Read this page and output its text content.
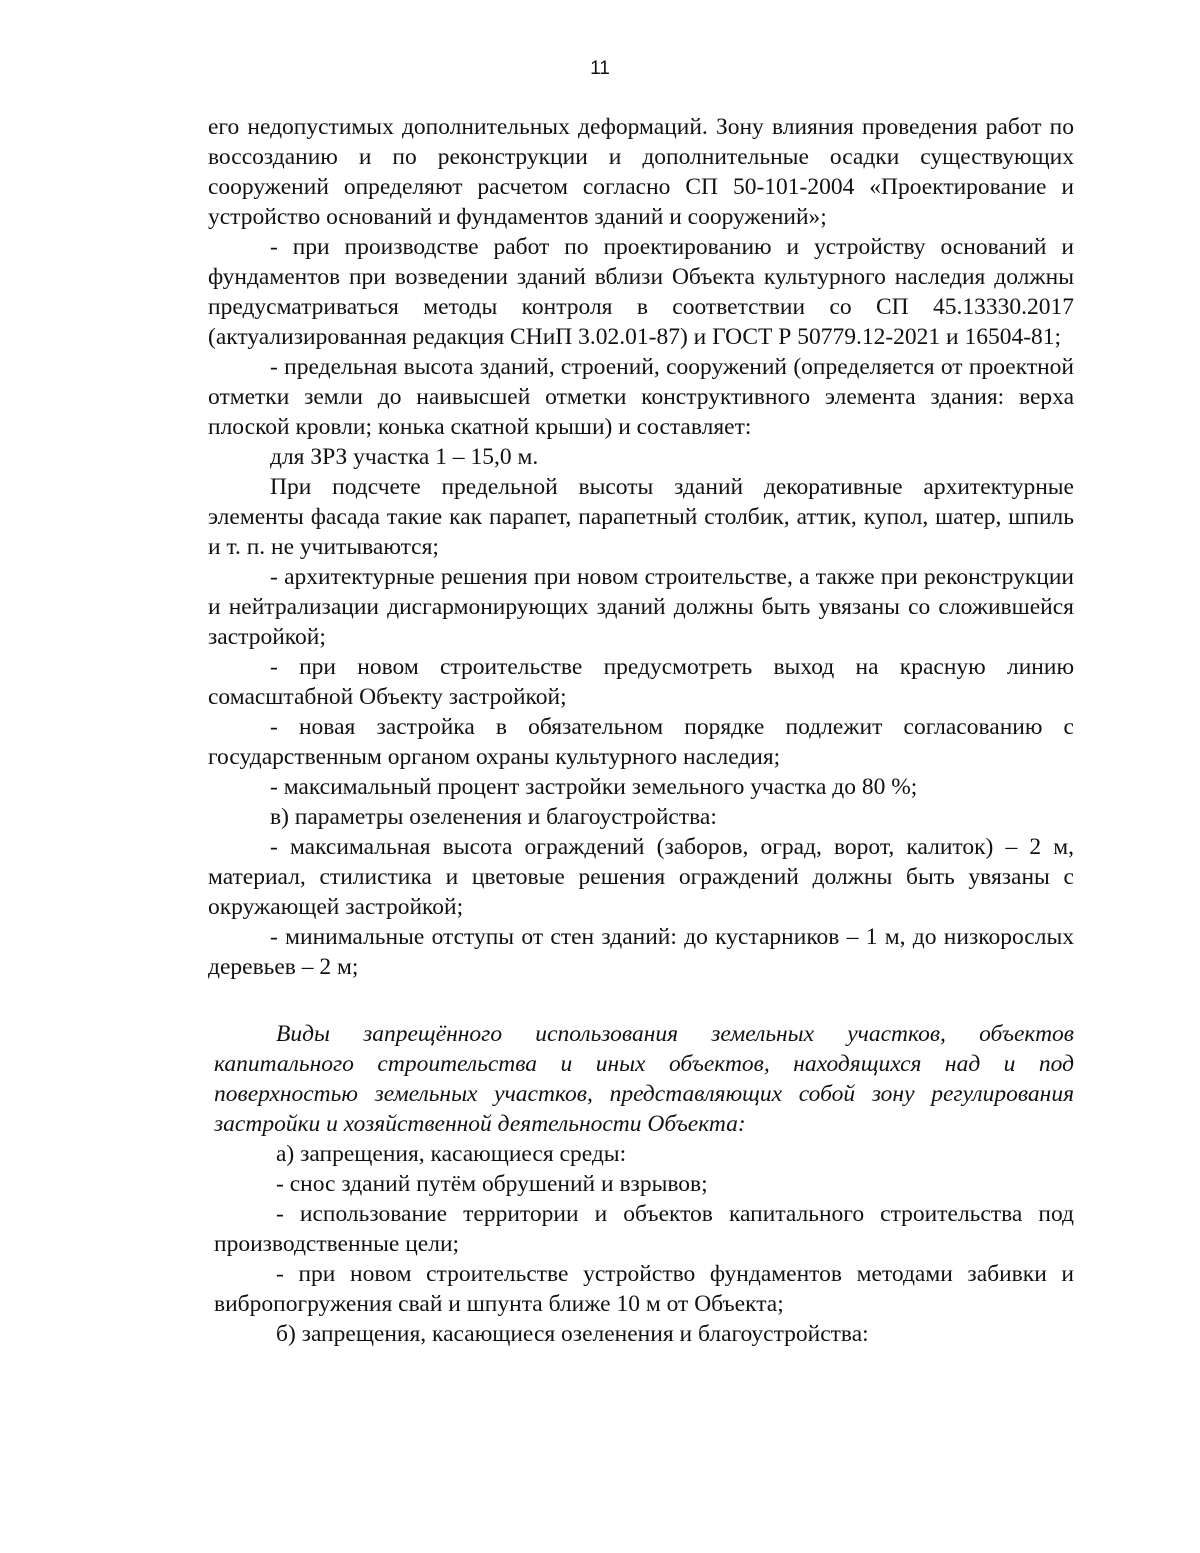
11

его недопустимых дополнительных деформаций. Зону влияния проведения работ по воссозданию и по реконструкции и дополнительные осадки существующих сооружений определяют расчетом согласно СП 50-101-2004 «Проектирование и устройство оснований и фундаментов зданий и сооружений»;

- при производстве работ по проектированию и устройству оснований и фундаментов при возведении зданий вблизи Объекта культурного наследия должны предусматриваться методы контроля в соответствии со СП 45.13330.2017 (актуализированная редакция СНиП 3.02.01-87) и ГОСТ Р 50779.12-2021 и 16504-81;

- предельная высота зданий, строений, сооружений (определяется от проектной отметки земли до наивысшей отметки конструктивного элемента здания: верха плоской кровли; конька скатной крыши) и составляет:

для ЗРЗ участка 1 – 15,0 м.

При подсчете предельной высоты зданий декоративные архитектурные элементы фасада такие как парапет, парапетный столбик, аттик, купол, шатер, шпиль и т. п. не учитываются;

- архитектурные решения при новом строительстве, а также при реконструкции и нейтрализации дисгармонирующих зданий должны быть увязаны со сложившейся застройкой;

- при новом строительстве предусмотреть выход на красную линию сомасштабной Объекту застройкой;

- новая застройка в обязательном порядке подлежит согласованию с государственным органом охраны культурного наследия;

- максимальный процент застройки земельного участка до 80 %;

в) параметры озеленения и благоустройства:

- максимальная высота ограждений (заборов, оград, ворот, калиток) – 2 м, материал, стилистика и цветовые решения ограждений должны быть увязаны с окружающей застройкой;

- минимальные отступы от стен зданий: до кустарников – 1 м, до низкорослых деревьев – 2 м;

Виды запрещённого использования земельных участков, объектов капитального строительства и иных объектов, находящихся над и под поверхностью земельных участков, представляющих собой зону регулирования застройки и хозяйственной деятельности Объекта:

а) запрещения, касающиеся среды:

- снос зданий путём обрушений и взрывов;

- использование территории и объектов капитального строительства под производственные цели;

- при новом строительстве устройство фундаментов методами забивки и вибропогружения свай и шпунта ближе 10 м от Объекта;

б) запрещения, касающиеся озеленения и благоустройства:
